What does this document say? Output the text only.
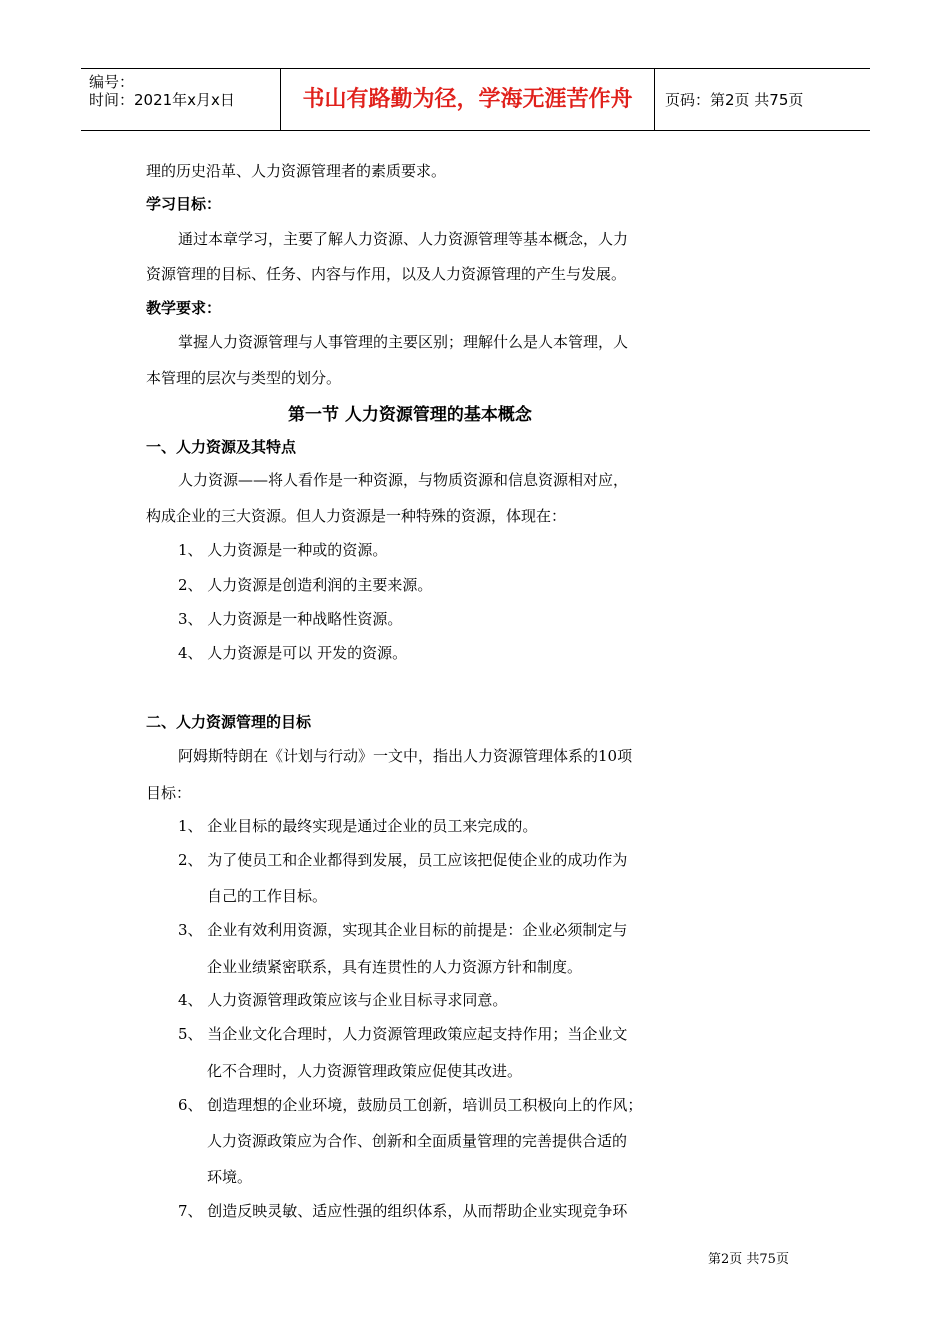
编号：
时间：2021年x月x日	书山有路勤为径，学海无涯苦作舟	页码：第2页 共75页
理的历史沿革、人力资源管理者的素质要求。
学习目标：
通过本章学习，主要了解人力资源、人力资源管理等基本概念，人力
资源管理的目标、任务、内容与作用，以及人力资源管理的产生与发展。
教学要求：
掌握人力资源管理与人事管理的主要区别；理解什么是人本管理，人
本管理的层次与类型的划分。
第一节 人力资源管理的基本概念
一、人力资源及其特点
人力资源——将人看作是一种资源，与物质资源和信息资源相对应，
构成企业的三大资源。但人力资源是一种特殊的资源，体现在：
1、 人力资源是一种或的资源。
2、 人力资源是创造利润的主要来源。
3、 人力资源是一种战略性资源。
4、 人力资源是可以 开发的资源。
二、人力资源管理的目标
阿姆斯特朗在《计划与行动》一文中，指出人力资源管理体系的10项
目标：
1、 企业目标的最终实现是通过企业的员工来完成的。
2、 为了使员工和企业都得到发展，员工应该把促使企业的成功作为
自己的工作目标。
3、 企业有效利用资源，实现其企业目标的前提是：企业必须制定与
企业业绩紧密联系，具有连贯性的人力资源方针和制度。
4、 人力资源管理政策应该与企业目标寻求同意。
5、 当企业文化合理时，人力资源管理政策应起支持作用；当企业文
化不合理时，人力资源管理政策应促使其改进。
6、 创造理想的企业环境，鼓励员工创新，培训员工积极向上的作风；
人力资源政策应为合作、创新和全面质量管理的完善提供合适的
环境。
7、 创造反映灵敏、适应性强的组织体系，从而帮助企业实现竞争环
第2页 共75页
